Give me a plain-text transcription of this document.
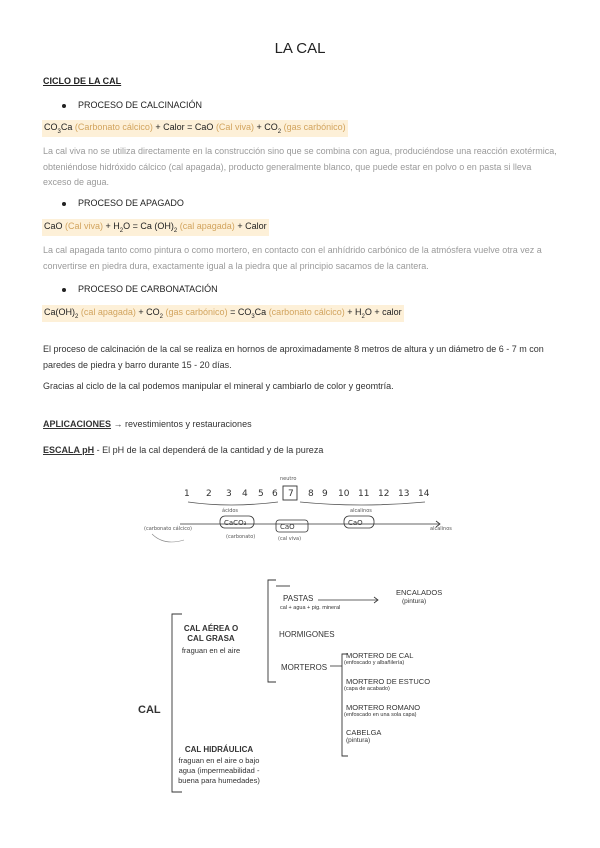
LA CAL
CICLO DE LA CAL
PROCESO DE CALCINACIÓN
$CO_3Ca$ (Carbonato cálcico) + Calor = CaO (Cal viva) + $CO_2$ (gas carbónico)
La cal viva no se utiliza directamente en la construcción sino que se combina con agua, produciéndose una reacción exotérmica, obteniéndose hidróxido cálcico (cal apagada), producto generalmente blanco, que puede estar en polvo o en pasta si lleva exceso de agua.
PROCESO DE APAGADO
CaO (Cal viva) + $H_2O = Ca$ $(OH)_2$ (cal apagada) + Calor
La cal apagada tanto como pintura o como mortero, en contacto con el anhídrido carbónico de la atmósfera vuelve otra vez a convertirse en piedra dura, exactamente igual a la piedra que al principio sacamos de la cantera.
PROCESO DE CARBONATACIÓN
$Ca(OH)_2$ (cal apagada) + $CO_2$ (gas carbónico) = $CO_3Ca$ (carbonato cálcico) + $H_2O$ + calor
El proceso de calcinación de la cal se realiza en hornos de aproximadamente 8 metros de altura y un diámetro de 6 - 7 m con paredes de piedra y barro durante 15 - 20 días.
Gracias al ciclo de la cal podemos manipular el mineral y cambiarlo de color y geomtría.
APLICACIONES → revestimientos y restauraciones
ESCALA pH - El pH de la cal dependerá de la cantidad y de la pureza
1 2 3 4 5 6 7 8 9 10 11 12 13 14
neutro
ácidos	alcalinos
CaCO₃	CaO
(cal viva)
CaO
(carbonato)
(carbonato cálcico)	alcalinos
CAL
CAL AÉREA O CAL GRASA
fraguan en el aire
CAL HIDRÁULICA
fraguan en el aire o bajo agua (impermeabilidad - buena para humedades)
PASTAS
cal + agua + pig. mineral
ENCALADOS
(pintura)
HORMIGONES
MORTEROS
MORTERO DE CAL
(enfoscado y albañilería)
MORTERO DE ESTUCO
(capa de acabado)
MORTERO ROMANO
(enfoscado en una sola capa)
CABELGA
(pintura)
